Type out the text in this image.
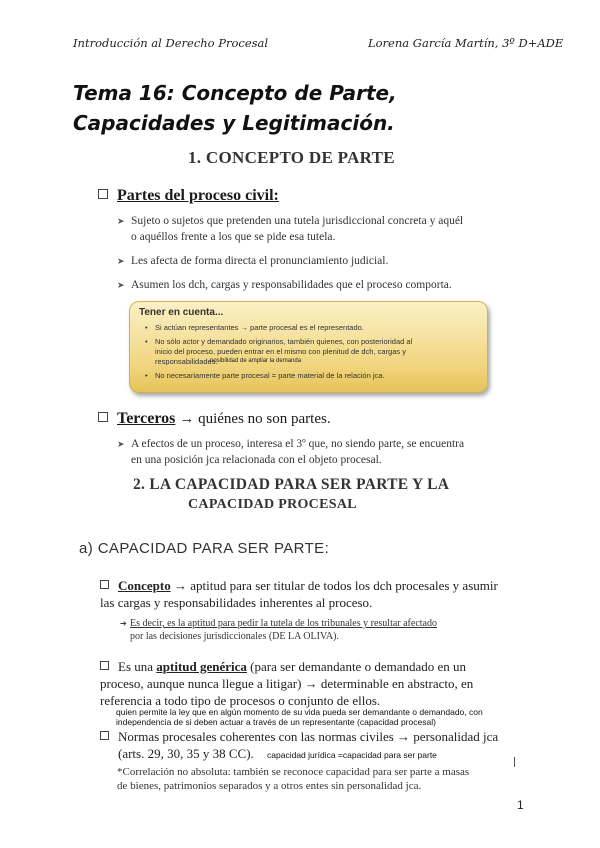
Introducción al Derecho Procesal	Lorena García Martín, 3º D+ADE
Tema 16: Concepto de Parte, Capacidades y Legitimación.
1. CONCEPTO DE PARTE
Partes del proceso civil:
➤ Sujeto o sujetos que pretenden una tutela jurisdiccional concreta y aquél
o aquéllos frente a los que se pide esa tutela.
➤ Les afecta de forma directa el pronunciamiento judicial.
➤ Asumen los dch, cargas y responsabilidades que el proceso comporta.
Tener en cuenta...
• Si actúan representantes → parte procesal es el representado.
• No sólo actor y demandado originarios, también quienes, con posterioridad al
inicio del proceso, pueden entrar en el mismo con plenitud de dch, cargas y
responsabilidades.
• No necesariamente parte procesal = parte material de la relación jca.
posibilidad de ampliar la demanda
Terceros → quiénes no son partes.
➤ A efectos de un proceso, interesa el 3º que, no siendo parte, se encuentra
en una posición jca relacionada con el objeto procesal.
2. LA CAPACIDAD PARA SER PARTE Y LA
CAPACIDAD PROCESAL
a) CAPACIDAD PARA SER PARTE:
Concepto → aptitud para ser titular de todos los dch procesales y asumir
las cargas y responsabilidades inherentes al proceso.
➔ Es decir, es la aptitud para pedir la tutela de los tribunales y resultar afectado
por las decisiones jurisdiccionales (DE LA OLIVA).
Es una aptitud genérica (para ser demandante o demandado en un
proceso, aunque nunca llegue a litigar) → determinable en abstracto, en
referencia a todo tipo de procesos o conjunto de ellos.
quien permite la ley que en algún momento de su vida pueda ser demandante o demandado, con
independencia de si deben actuar a través de un representante (capacidad procesal)
Normas procesales coherentes con las normas civiles → personalidad jca
(arts. 29, 30, 35 y 38 CC). capacidad jurídica =capacidad para ser parte
*Correlación no absoluta: también se reconoce capacidad para ser parte a masas
de bienes, patrimonios separados y a otros entes sin personalidad jca.
1
